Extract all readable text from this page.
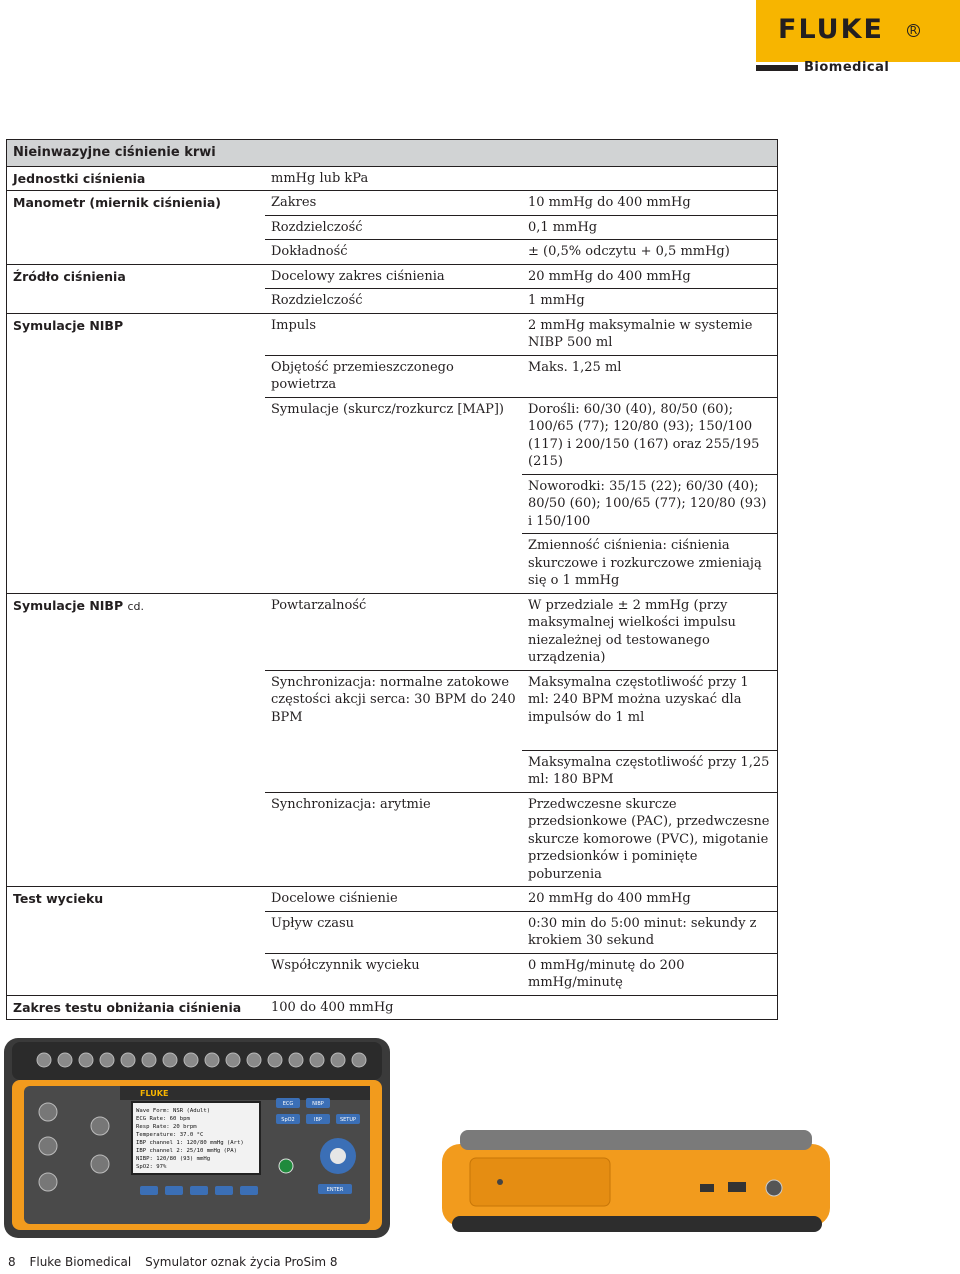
FLUKE R
Biomedical
Nieinwazyjne ciśnienie krwi		
Jednostki ciśnienia	mmHg lub kPa	
Manometr (miernik ciśnienia)	Zakres	10 mmHg do 400 mmHg
	Rozdzielczość	0,1 mmHg
	Dokładność	± (0,5% odczytu + 0,5 mmHg)
Źródło ciśnienia	Docelowy zakres ciśnienia	20 mmHg do 400 mmHg
	Rozdzielczość	1 mmHg
Symulacje NIBP	Impuls	2 mmHg maksymalnie w systemie NIBP 500 ml
	Objętość przemieszczonego powietrza	Maks. 1,25 ml
	Symulacje (skurcz/rozkurcz [MAP])	Dorośli: 60/30 (40), 80/50 (60); 100/65 (77); 120/80 (93); 150/100 (117) i 200/150 (167) oraz 255/195 (215)
		Noworodki: 35/15 (22); 60/30 (40); 80/50 (60); 100/65 (77); 120/80 (93) i 150/100
		Zmienność ciśnienia: ciśnienia skurczowe i rozkurczowe zmieniają się o 1 mmHg
Symulacje NIBP cd.	Powtarzalność	W przedziale ± 2 mmHg (przy maksymalnej wielkości impulsu niezależnej od testowanego urządzenia)
	Synchronizacja: normalne zatokowe częstości akcji serca: 30 BPM do 240 BPM	Maksymalna częstotliwość przy 1 ml: 240 BPM można uzyskać dla impulsów do 1 ml
		Maksymalna częstotliwość przy 1,25 ml: 180 BPM
	Synchronizacja: arytmie	Przedwczesne skurcze przedsionkowe (PAC), przedwczesne skurcze komorowe (PVC), migotanie przedsionków i pominięte poburzenia
Test wycieku	Docelowe ciśnienie	20 mmHg do 400 mmHg
	Upływ czasu	0:30 min do 5:00 minut: sekundy z krokiem 30 sekund
	Współczynnik wycieku	0 mmHg/minutę do 200 mmHg/minutę
Zakres testu obniżania ciśnienia	100 do 400 mmHg	
FLUKE
Wave Form: NSR (Adult)
ECG Rate: 60 bpm
Resp Rate: 20 brpm
Temperature: 37.0 °C
IBP channel 1: 120/80 mmHg (Art)
IBP channel 2: 25/10 mmHg (PA)
NIBP: 120/80 (93) mmHg
SpO2: 97%
ECG	NIBP
SpO2	IBP	SETUP
ENTER
8 Fluke Biomedical Symulator oznak życia ProSim 8
